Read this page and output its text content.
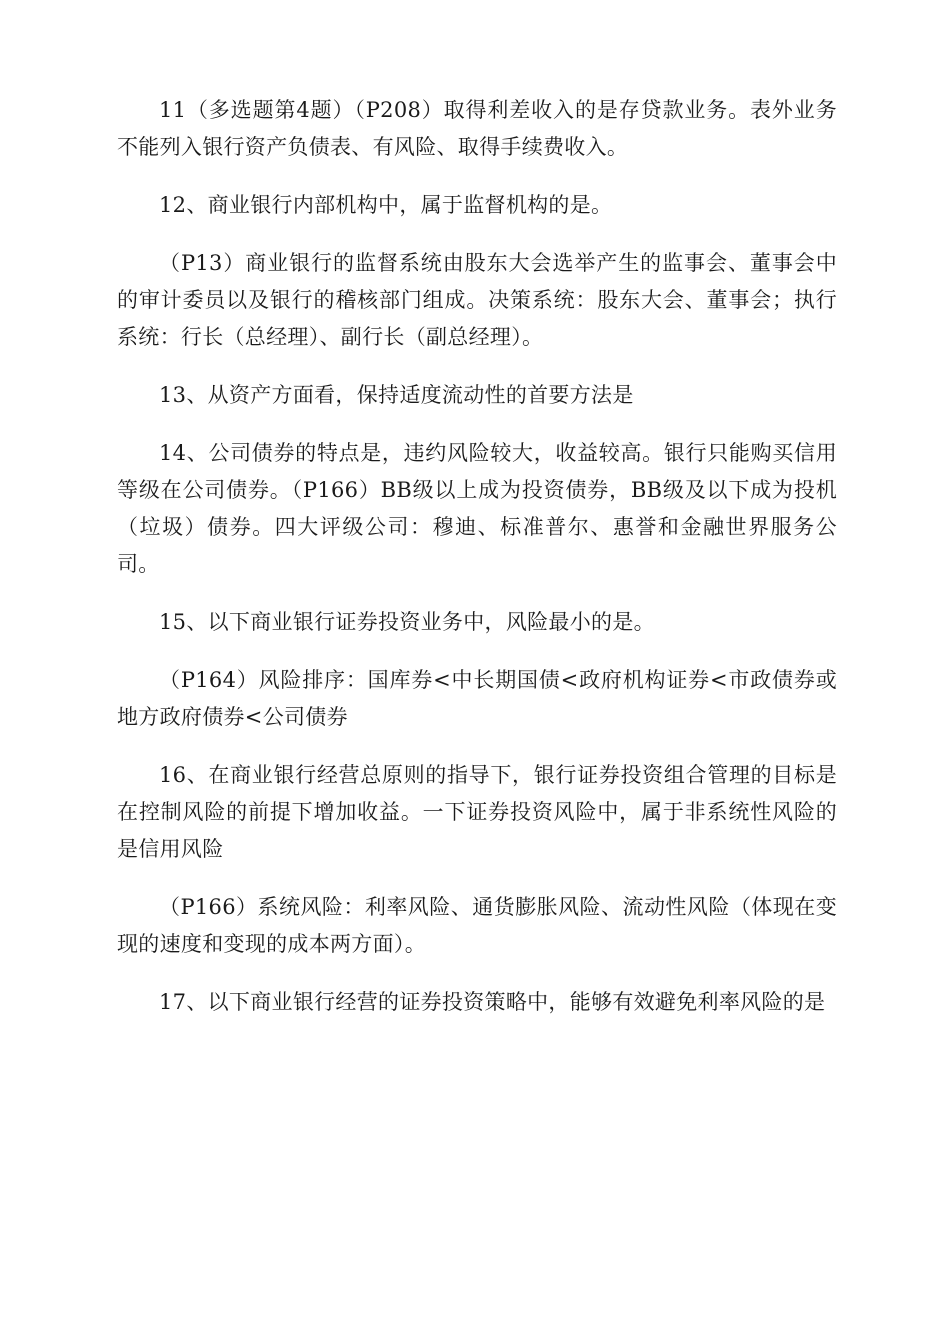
11（多选题第4题）（P208）取得利差收入的是存贷款业务。表外业务不能列入银行资产负债表、有风险、取得手续费收入。

12、商业银行内部机构中，属于监督机构的是。

（P13）商业银行的监督系统由股东大会选举产生的监事会、董事会中的审计委员以及银行的稽核部门组成。决策系统：股东大会、董事会；执行系统：行长（总经理）、副行长（副总经理）。

13、从资产方面看，保持适度流动性的首要方法是

14、公司债券的特点是，违约风险较大，收益较高。银行只能购买信用等级在公司债券。（P166）BB级以上成为投资债券，BB级及以下成为投机（垃圾）债券。四大评级公司：穆迪、标准普尔、惠誉和金融世界服务公司。

15、以下商业银行证券投资业务中，风险最小的是。

（P164）风险排序：国库券<中长期国债<政府机构证券<市政债券或地方政府债券<公司债券

16、在商业银行经营总原则的指导下，银行证券投资组合管理的目标是在控制风险的前提下增加收益。一下证券投资风险中，属于非系统性风险的是信用风险

（P166）系统风险：利率风险、通货膨胀风险、流动性风险（体现在变现的速度和变现的成本两方面）。

17、以下商业银行经营的证券投资策略中，能够有效避免利率风险的是
